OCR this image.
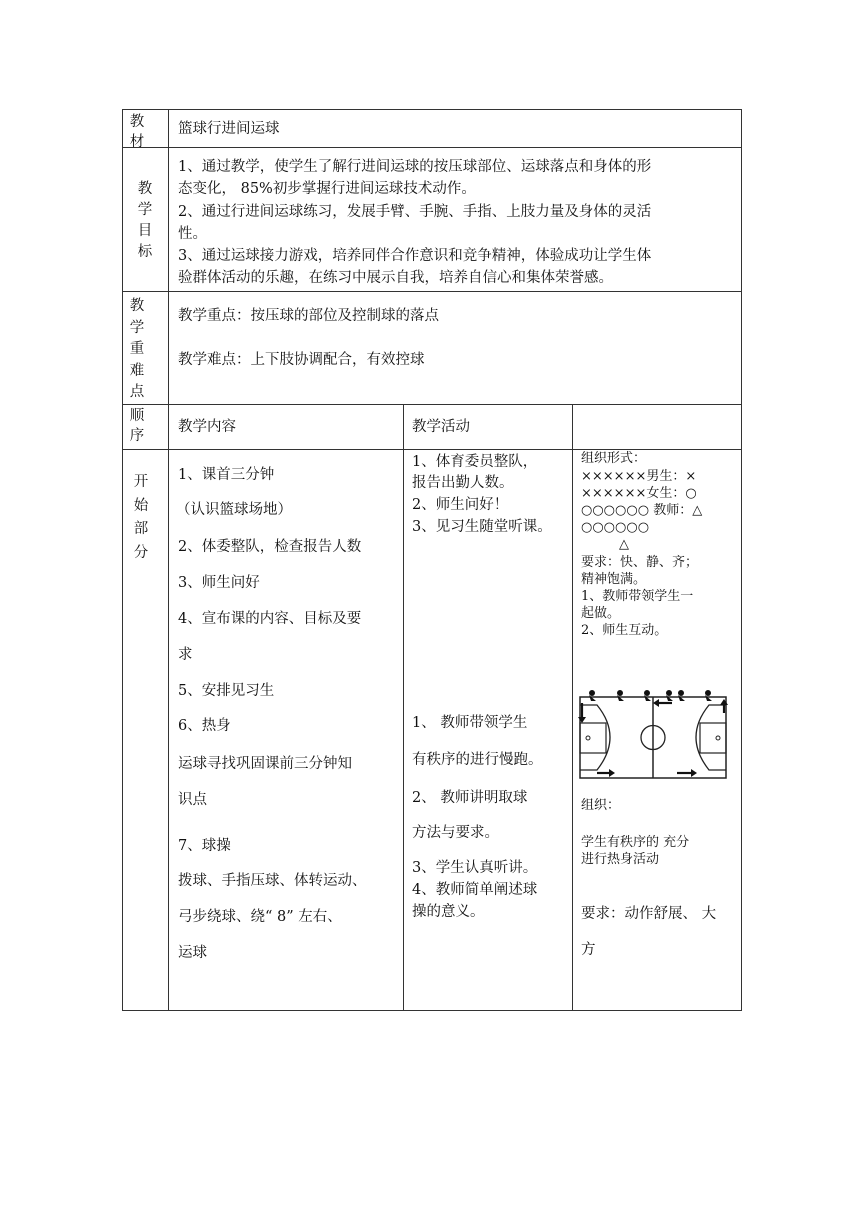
教材
篮球行进间运球
教学目标
1、通过教学，使学生了解行进间运球的按压球部位、运球落点和身体的形
态变化， 85%初步掌握行进间运球技术动作。
2、通过行进间运球练习，发展手臂、手腕、手指、上肢力量及身体的灵活
性。
3、通过运球接力游戏，培养同伴合作意识和竞争精神，体验成功让学生体
验群体活动的乐趣，在练习中展示自我，培养自信心和集体荣誉感。
教学重难点
教学重点：按压球的部位及控制球的落点
教学难点：上下肢协调配合，有效控球
顺序
教学内容	教学活动
开始部分
1、课首三分钟
（认识篮球场地）
2、体委整队，检查报告人数
3、师生问好
4、宣布课的内容、目标及要
求
5、安排见习生
6、热身
运球寻找巩固课前三分钟知
识点
7、球操
拨球、手指压球、体转运动、
弓步绕球、绕“ 8” 左右、
运球
1、体育委员整队，
报告出勤人数。
2、师生问好！
3、见习生随堂听课。
1、 教师带领学生
有秩序的进行慢跑。
2、 教师讲明取球
方法与要求。
3、学生认真听讲。
4、教师简单阐述球
操的意义。
组织形式：
××××××男生：×
××××××女生：○
○○○○○○ 教师：△
○○○○○○
△
要求：快、静、齐；
精神饱满。
1、教师带领学生一
起做。
2、师生互动。
组织：
学生有秩序的 充分
进行热身活动
要求：动作舒展、 大
方
